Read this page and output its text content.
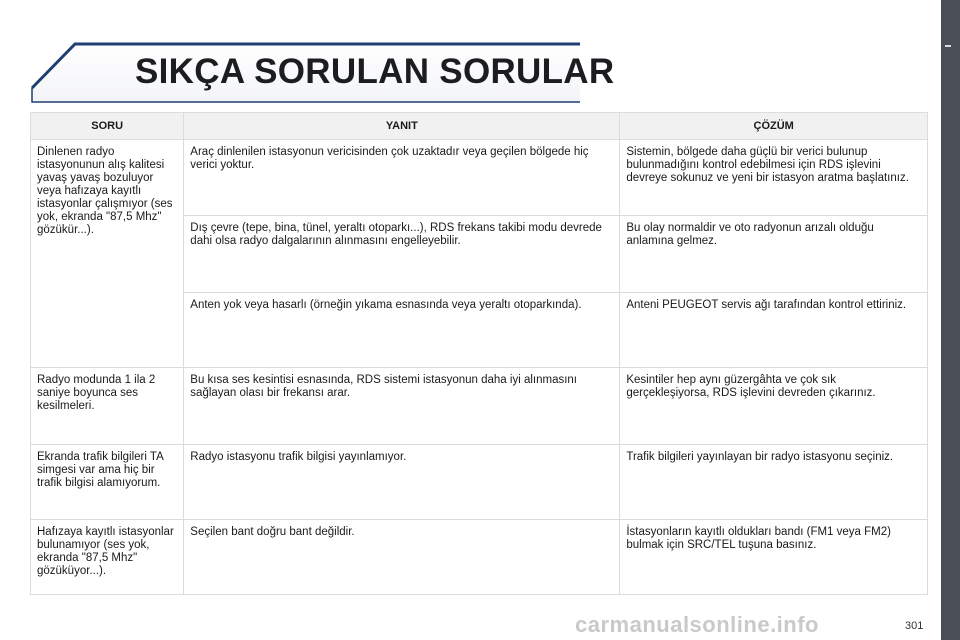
SIKÇA SORULAN SORULAR
SORU	YANIT	ÇÖZÜM
Dinlenen radyo istasyonunun alış kalitesi yavaş yavaş bozuluyor veya hafızaya kayıtlı istasyonlar çalışmıyor (ses yok, ekranda "87,5 Mhz" gözükür...).	Araç dinlenilen istasyonun vericisinden çok uzaktadır veya geçilen bölgede hiç verici yoktur.	Sistemin, bölgede daha güçlü bir verici bulunup bulunmadığını kontrol edebilmesi için RDS işlevini devreye sokunuz ve yeni bir istasyon aratma başlatınız.
	Dış çevre (tepe, bina, tünel, yeraltı otoparkı...), RDS frekans takibi modu devrede dahi olsa radyo dalgalarının alınmasını engelleyebilir.	Bu olay normaldir ve oto radyonun arızalı olduğu anlamına gelmez.
	Anten yok veya hasarlı (örneğin yıkama esnasında veya yeraltı otoparkında).	Anteni PEUGEOT servis ağı tarafından kontrol ettiriniz.
Radyo modunda 1 ila 2 saniye boyunca ses kesilmeleri.	Bu kısa ses kesintisi esnasında, RDS sistemi istasyonun daha iyi alınmasını sağlayan olası bir frekansı arar.	Kesintiler hep aynı güzergâhta ve çok sık gerçekleşiyorsa, RDS işlevini devreden çıkarınız.
Ekranda trafik bilgileri TA simgesi var ama hiç bir trafik bilgisi alamıyorum.	Radyo istasyonu trafik bilgisi yayınlamıyor.	Trafik bilgileri yayınlayan bir radyo istasyonu seçiniz.
Hafızaya kayıtlı istasyonlar bulunamıyor (ses yok, ekranda "87,5 Mhz" gözüküyor...).	Seçilen bant doğru bant değildir.	İstasyonların kayıtlı oldukları bandı (FM1 veya FM2) bulmak için SRC/TEL tuşuna basınız.
carmanualsonline.info	301
